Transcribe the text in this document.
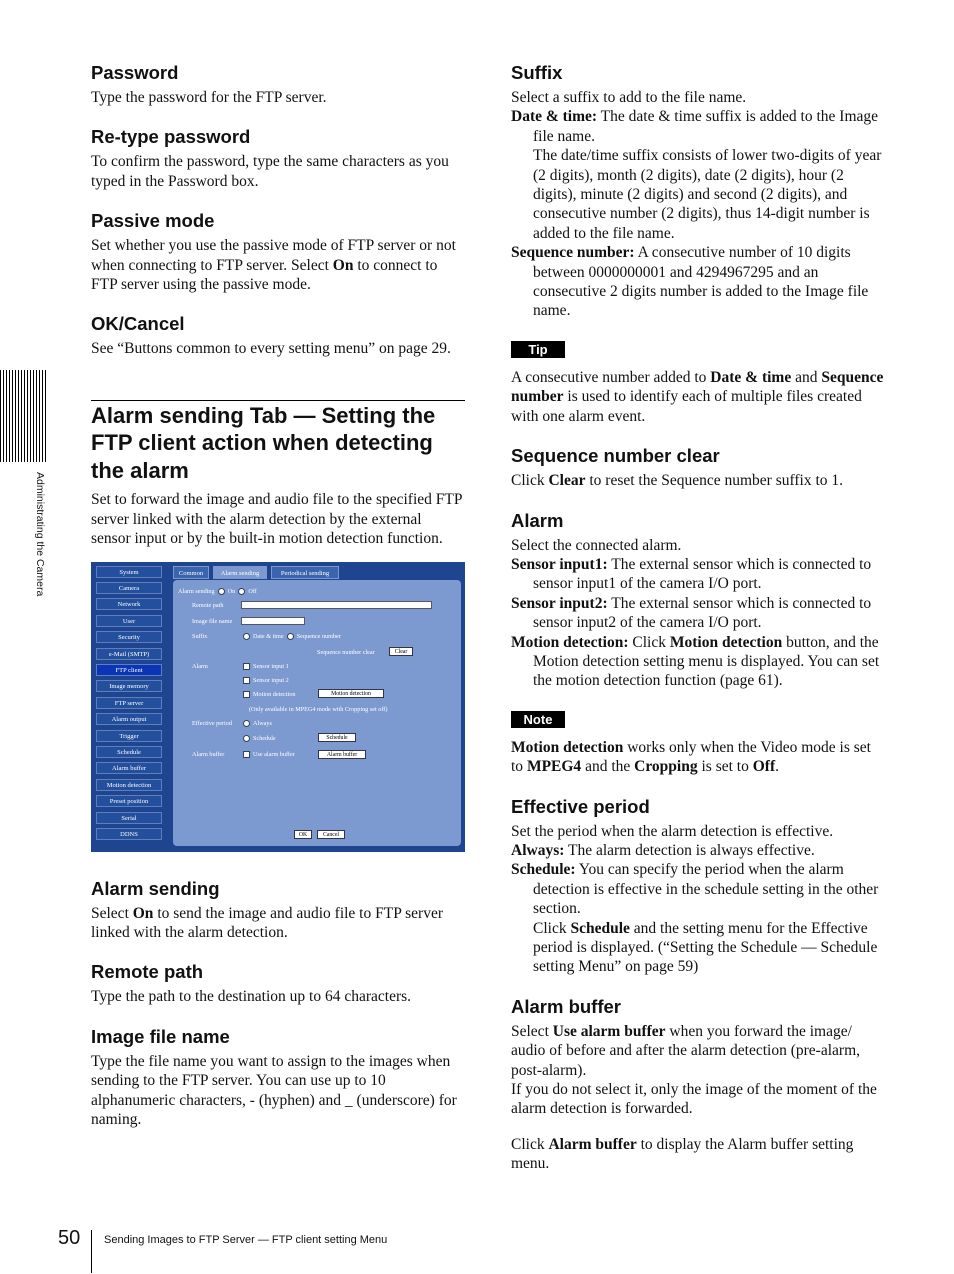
Administrating the Camera
Password

Type the password for the FTP server.

Re-type password

To confirm the password, type the same characters as you typed in the Password box.

Passive mode

Set whether you use the passive mode of FTP server or not when connecting to FTP server. Select On to connect to FTP server using the passive mode.

OK/Cancel

See “Buttons common to every setting menu” on page 29.

Alarm sending Tab — Setting the FTP client action when detecting the alarm

Set to forward the image and audio file to the specified FTP server linked with the alarm detection by the external sensor input or by the built-in motion detection function.

System
Camera
Network
User
Security
e-Mail (SMTP)
FTP client
Image memory
FTP server
Alarm output
Trigger
Schedule
Alarm buffer
Motion detection
Preset position
Serial
DDNS
Common	Alarm sending	Periodical sending
Alarm sending On Off
Remote path
Image file name
Suffix	Date & time Sequence number
Sequence number clear	Clear
Alarm	Sensor input 1
Sensor input 2
Motion detection	Motion detection
(Only available in MPEG4 mode with Cropping set off)
Effective period	Always
Schedule	Schedule
Alarm buffer	Use alarm buffer	Alarm buffer
OK	Cancel
Alarm sending

Select On to send the image and audio file to FTP server linked with the alarm detection.

Remote path

Type the path to the destination up to 64 characters.

Image file name

Type the file name you want to assign to the images when sending to the FTP server. You can use up to 10 alphanumeric characters, - (hyphen) and _ (underscore) for naming.

Suffix

Select a suffix to add to the file name.

Date & time: The date & time suffix is added to the Image file name.

The date/time suffix consists of lower two-digits of year (2 digits), month (2 digits), date (2 digits), hour (2 digits), minute (2 digits) and second (2 digits), and consecutive number (2 digits), thus 14-digit number is added to the file name.

Sequence number: A consecutive number of 10 digits between 0000000001 and 4294967295 and an consecutive 2 digits number is added to the Image file name.

Tip

A consecutive number added to Date & time and Sequence number is used to identify each of multiple files created with one alarm event.

Sequence number clear

Click Clear to reset the Sequence number suffix to 1.

Alarm

Select the connected alarm.

Sensor input1: The external sensor which is connected to sensor input1 of the camera I/O port.

Sensor input2: The external sensor which is connected to sensor input2 of the camera I/O port.

Motion detection: Click Motion detection button, and the Motion detection setting menu is displayed. You can set the motion detection function (page 61).

Note

Motion detection works only when the Video mode is set to MPEG4 and the Cropping is set to Off.

Effective period

Set the period when the alarm detection is effective.

Always: The alarm detection is always effective.

Schedule: You can specify the period when the alarm detection is effective in the schedule setting in the other section.

Click Schedule and the setting menu for the Effective period is displayed. (“Setting the Schedule — Schedule setting Menu” on page 59)

Alarm buffer

Select Use alarm buffer when you forward the image/ audio of before and after the alarm detection (pre-alarm, post-alarm).

If you do not select it, only the image of the moment of the alarm detection is forwarded.

Click Alarm buffer to display the Alarm buffer setting menu.

50 Sending Images to FTP Server — FTP client setting Menu
